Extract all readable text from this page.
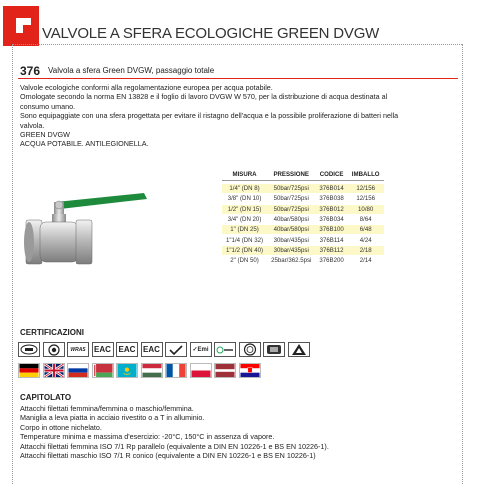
VALVOLE A SFERA ECOLOGICHE GREEN DVGW
376 Valvola a sfera Green DVGW, passaggio totale
Valvole ecologiche conformi alla regolamentazione europea per acqua potabile.
Omologate secondo la norma EN 13828 e il foglio di lavoro DVGW W 570, per la distribuzione di acqua destinata al
consumo umano.
Sono equipaggiate con una sfera progettata per evitare il ristagno dell'acqua e la possibile proliferazione di batteri nella
valvola.
GREEN DVGW
ACQUA POTABILE. ANTILEGIONELLA.
MISURA	PRESSIONE	CODICE	IMBALLO

1/4" (DN 8)	50bar/725psi	376B014	12/156
3/8" (DN 10)	50bar/725psi	376B038	12/156
1/2" (DN 15)	50bar/725psi	376B012	10/80
3/4" (DN 20)	40bar/580psi	376B034	8/64
1" (DN 25)	40bar/580psi	376B100	6/48
1"1/4 (DN 32)	30bar/435psi	376B114	4/24
1"1/2 (DN 40)	30bar/435psi	376B112	2/18
2" (DN 50)	25bar/362.5psi	376B200	2/14
CERTIFICAZIONI
WRAS	EAC EAC EAC	✓Emi
CAPITOLATO
Attacchi filettati femmina/femmina o maschio/femmina.
Maniglia a leva piatta in acciaio rivestito o a T in alluminio.
Corpo in ottone nichelato.
Temperature minima e massima d'esercizio: -20°C, 150°C in assenza di vapore.
Attacchi filettati femmina ISO 7/1 Rp parallelo (equivalente a DIN EN 10226-1 e BS EN 10226-1).
Attacchi filettati maschio ISO 7/1 R conico (equivalente a DIN EN 10226-1 e BS EN 10226-1)
